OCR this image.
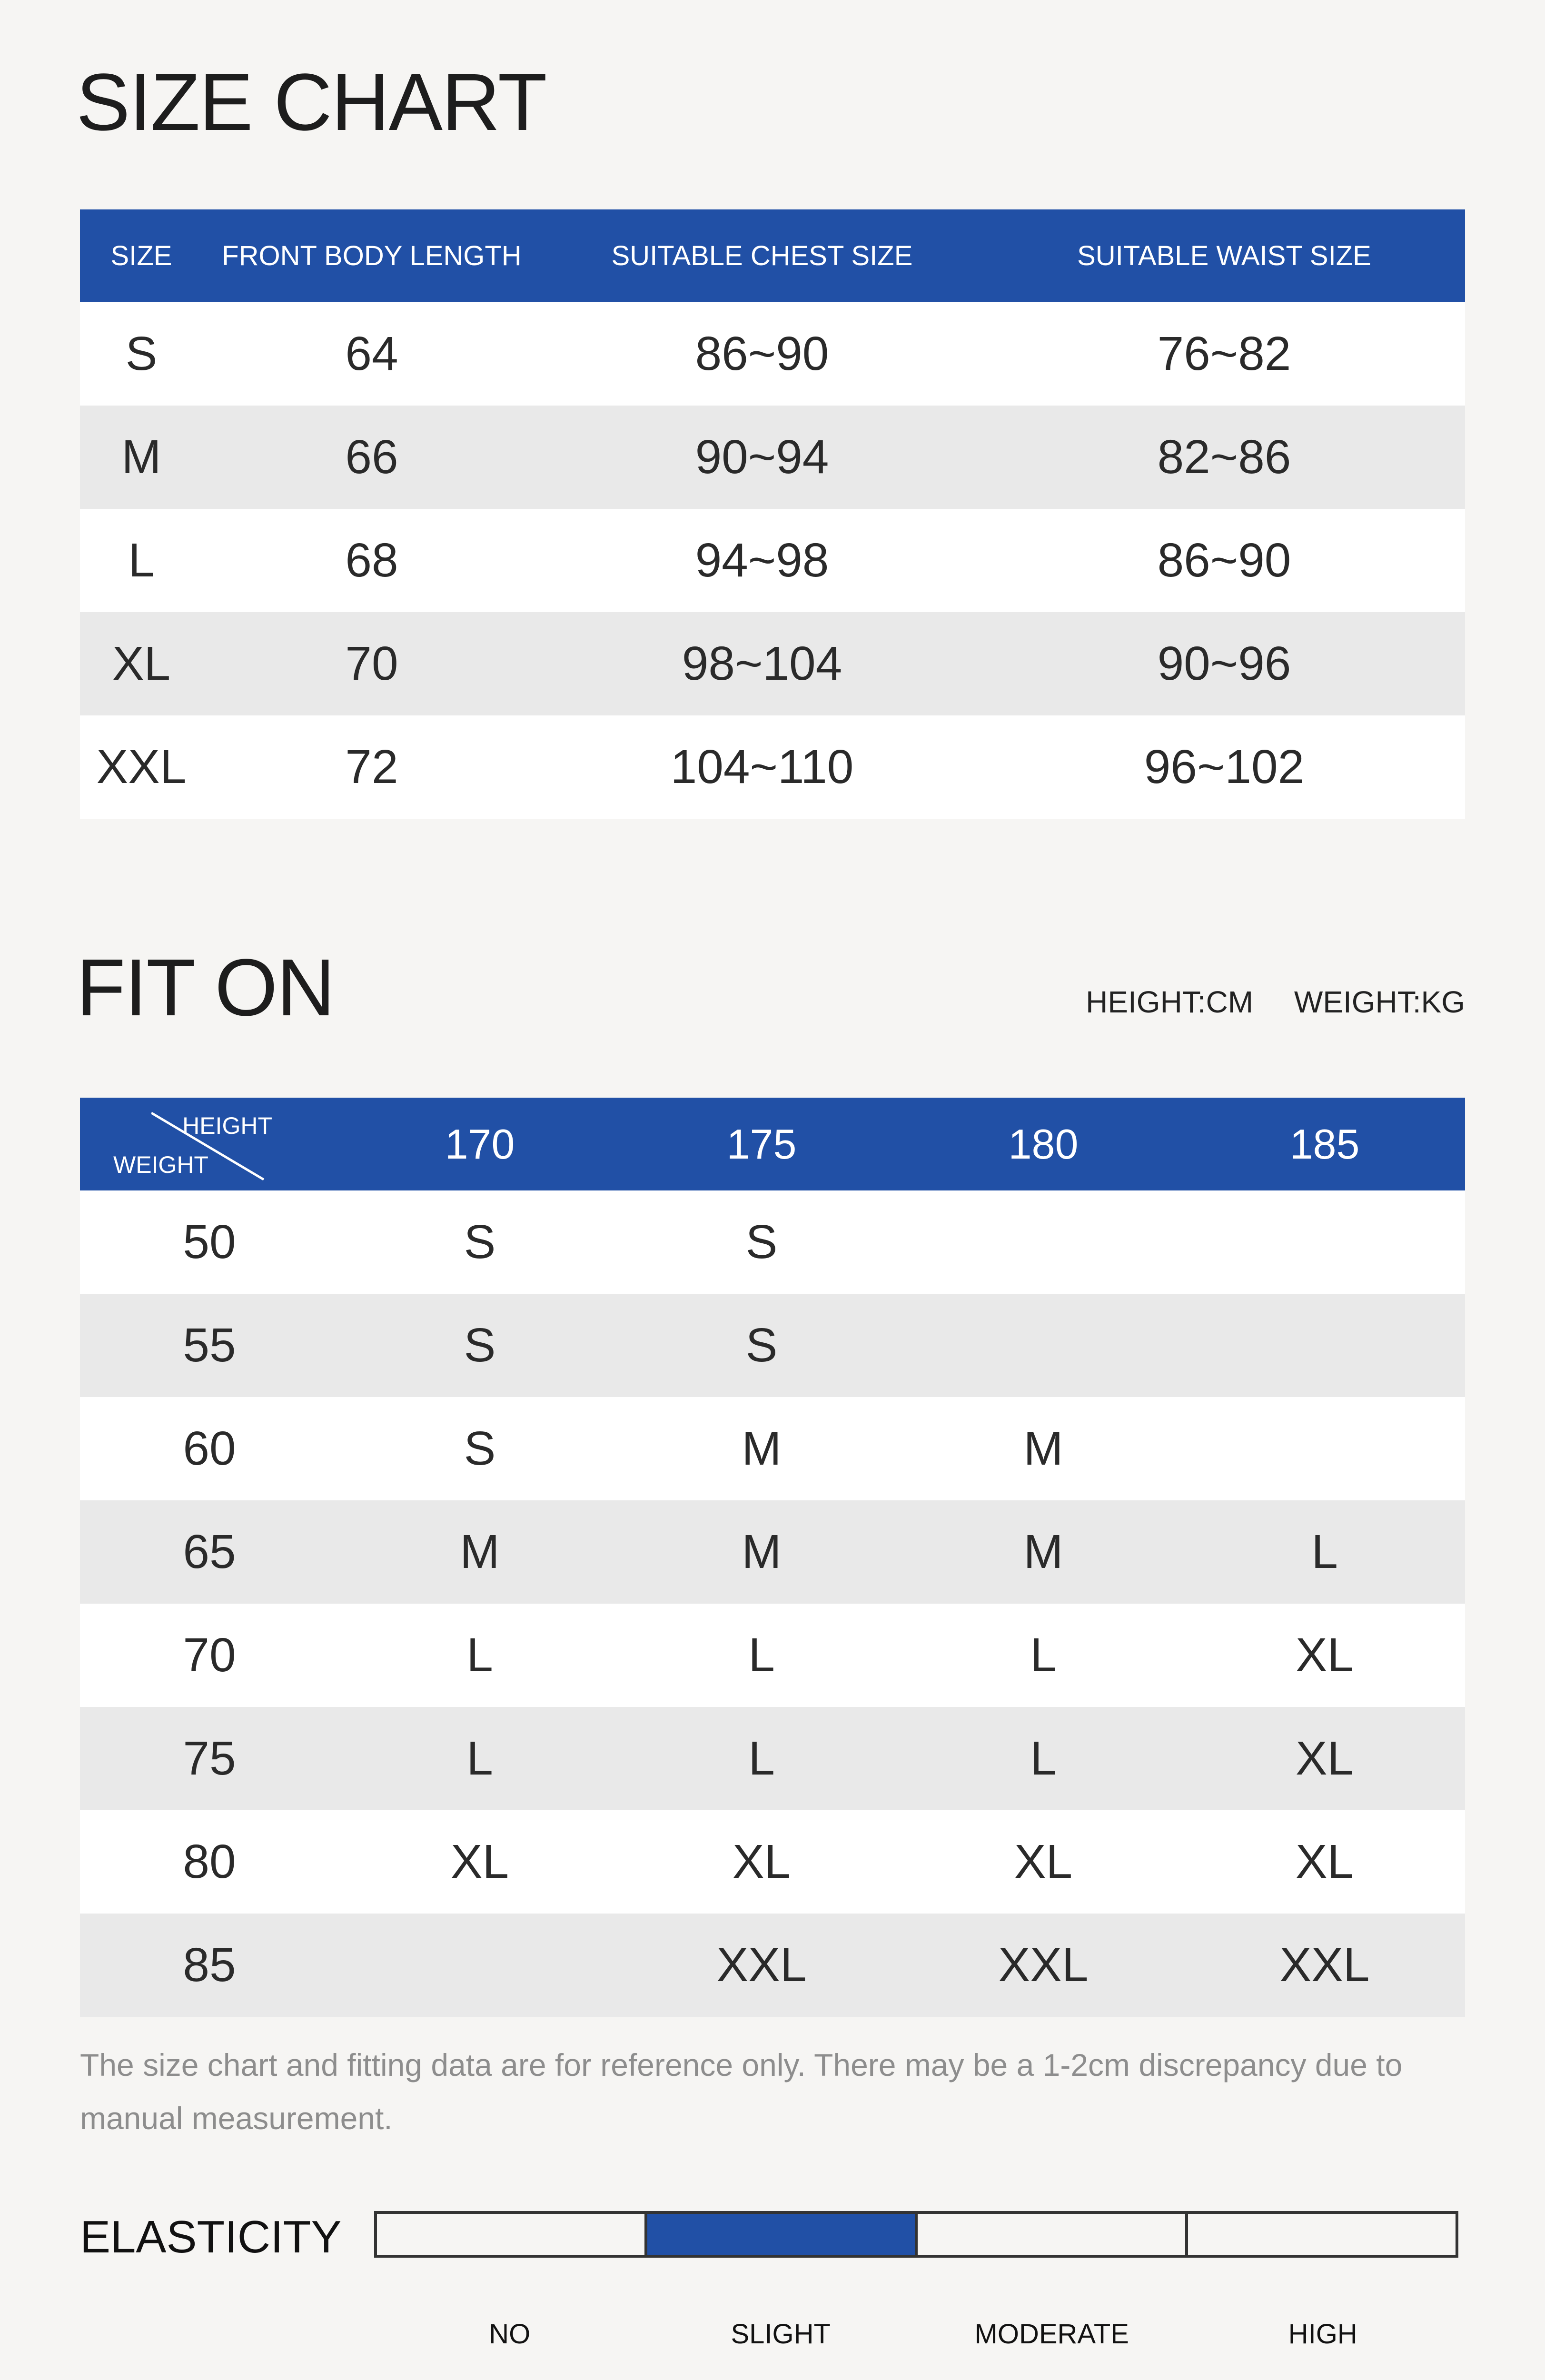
SIZE CHART
SIZE	FRONT BODY LENGTH	SUITABLE CHEST SIZE	SUITABLE WAIST SIZE
S	64	86~90	76~82
M	66	90~94	82~86
L	68	94~98	86~90
XL	70	98~104	90~96
XXL	72	104~110	96~102
FIT ON	HEIGHT:CM WEIGHT:KG
HEIGHT
WEIGHT	170	175	180	185
50	S	S		
55	S	S		
60	S	M	M	
65	M	M	M	L
70	L	L	L	XL
75	L	L	L	XL
80	XL	XL	XL	XL
85		XXL	XXL	XXL

The size chart and fitting data are for reference only. There may be a 1-2cm discrepancy due to manual measurement.

ELASTICITY
NO	SLIGHT	MODERATE	HIGH
